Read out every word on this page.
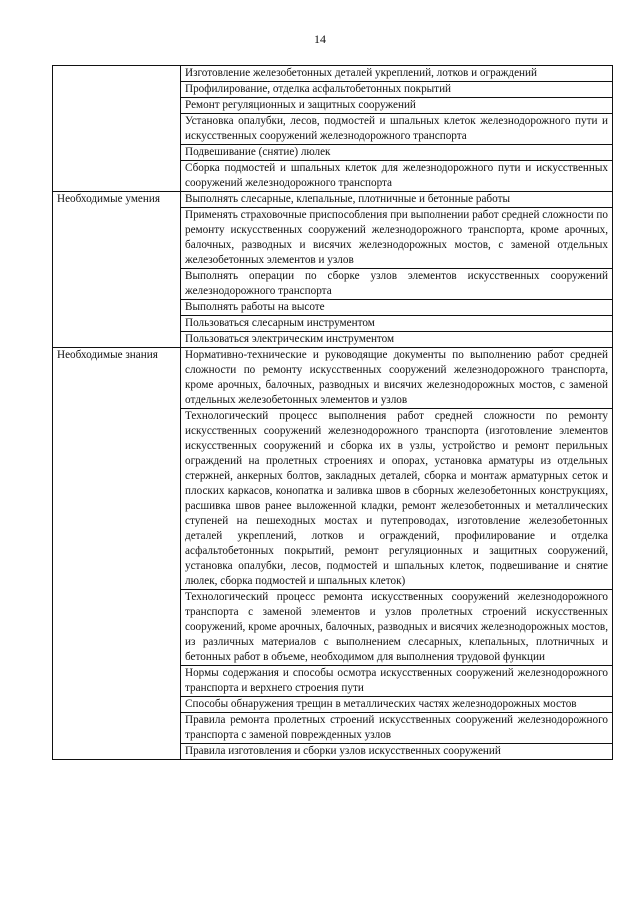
14
	Изготовление железобетонных деталей укреплений, лотков и ограждений
	Профилирование, отделка асфальтобетонных покрытий
	Ремонт регуляционных и защитных сооружений
	Установка опалубки, лесов, подмостей и шпальных клеток железнодорожного пути и искусственных сооружений железнодорожного транспорта
	Подвешивание (снятие) люлек
	Сборка подмостей и шпальных клеток для железнодорожного пути и искусственных сооружений железнодорожного транспорта
Необходимые умения	Выполнять слесарные, клепальные, плотничные и бетонные работы
	Применять страховочные приспособления при выполнении работ средней сложности по ремонту искусственных сооружений железнодорожного транспорта, кроме арочных, балочных, разводных и висячих железнодорожных мостов, с заменой отдельных железобетонных элементов и узлов
	Выполнять операции по сборке узлов элементов искусственных сооружений железнодорожного транспорта
	Выполнять работы на высоте
	Пользоваться слесарным инструментом
	Пользоваться электрическим инструментом
Необходимые знания	Нормативно-технические и руководящие документы по выполнению работ средней сложности по ремонту искусственных сооружений железнодорожного транспорта, кроме арочных, балочных, разводных и висячих железнодорожных мостов, с заменой отдельных железобетонных элементов и узлов
	Технологический процесс выполнения работ средней сложности по ремонту искусственных сооружений железнодорожного транспорта (изготовление элементов искусственных сооружений и сборка их в узлы, устройство и ремонт перильных ограждений на пролетных строениях и опорах, установка арматуры из отдельных стержней, анкерных болтов, закладных деталей, сборка и монтаж арматурных сеток и плоских каркасов, конопатка и заливка швов в сборных железобетонных конструкциях, расшивка швов ранее выложенной кладки, ремонт железобетонных и металлических ступеней на пешеходных мостах и путепроводах, изготовление железобетонных деталей укреплений, лотков и ограждений, профилирование и отделка асфальтобетонных покрытий, ремонт регуляционных и защитных сооружений, установка опалубки, лесов, подмостей и шпальных клеток, подвешивание и снятие люлек, сборка подмостей и шпальных клеток)
	Технологический процесс ремонта искусственных сооружений железнодорожного транспорта с заменой элементов и узлов пролетных строений искусственных сооружений, кроме арочных, балочных, разводных и висячих железнодорожных мостов, из различных материалов с выполнением слесарных, клепальных, плотничных и бетонных работ в объеме, необходимом для выполнения трудовой функции
	Нормы содержания и способы осмотра искусственных сооружений железнодорожного транспорта и верхнего строения пути
	Способы обнаружения трещин в металлических частях железнодорожных мостов
	Правила ремонта пролетных строений искусственных сооружений железнодорожного транспорта с заменой поврежденных узлов
	Правила изготовления и сборки узлов искусственных сооружений
